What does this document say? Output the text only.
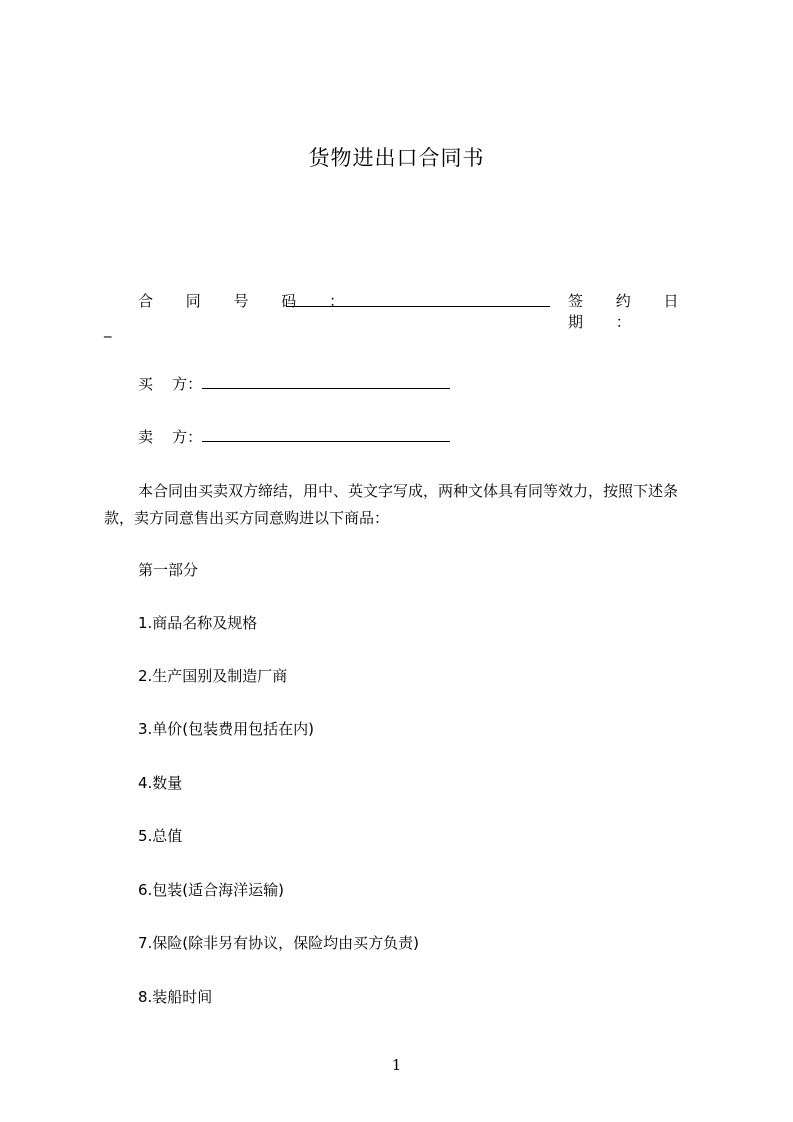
货物进出口合同书
合 同 号 码 ：	签 约 日 期 ：
_
买    方：
卖    方：
本合同由买卖双方缔结，用中、英文字写成，两种文体具有同等效力，按照下述条款，卖方同意售出买方同意购进以下商品：
第一部分
1.商品名称及规格
2.生产国别及制造厂商
3.单价(包装费用包括在内)
4.数量
5.总值
6.包装(适合海洋运输)
7.保险(除非另有协议，保险均由买方负责)
8.装船时间
1
